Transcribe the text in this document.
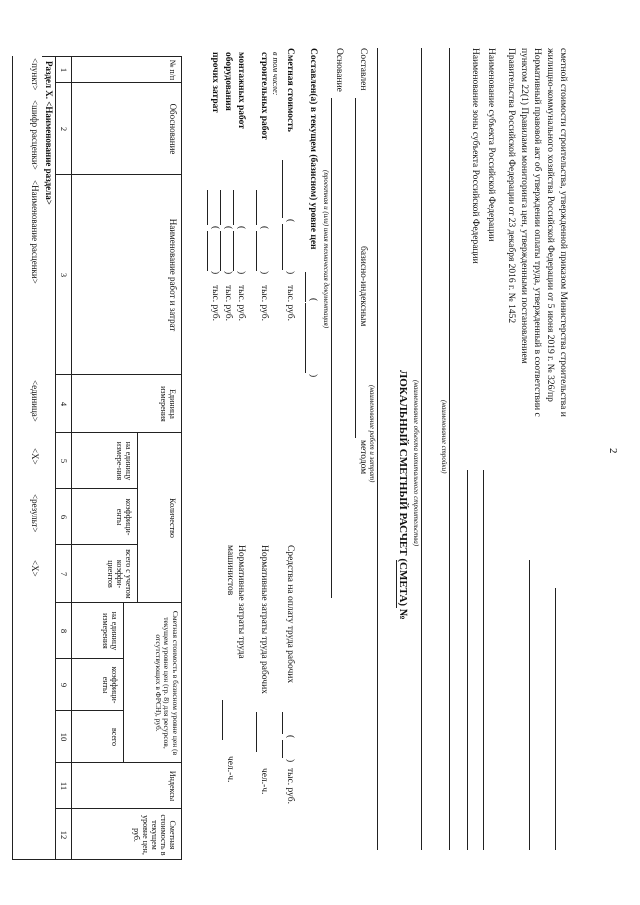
2
сметной стоимости строительства, утвержденной приказом Министерства строительства и
жилищно-коммунального хозяйства Российской Федерации от 5 июня 2019 г. № 326/пр
Нормативный правовой акт об утверждении оплаты труда, утвержденный в соответствии с
пунктом 22(1) Правилами мониторинга цен, утвержденными постановлением
Правительства Российской Федерации от 23 декабря 2016 г. № 1452
Наименование субъекта Российской Федерации
Наименование зоны субъекта Российской Федерации
(наименование стройки)
(наименование объекта капитального строительства)
ЛОКАЛЬНЫЙ СМЕТНЫЙ РАСЧЕТ (СМЕТА) №
(наименование работ и затрат)
Составлен
базисно-индексным
методом
Основание
(проектная и (или) иная техническая документация)
Составлен(а) в текущем (базисном) уровне цен
(
)
Сметная стоимость
(
)
тыс. руб.
в том числе:
строительных работ
(
)
тыс. руб.
монтажных работ
(
)
тыс. руб.
оборудования
(
)
тыс. руб.
прочих затрат
(
)
тыс. руб.
Средства на оплату труда рабочих
(
)
тыс. руб.
Нормативные затраты труда рабочих
чел.-ч.
Нормативные затраты труда
машинистов
чел.-ч.
№ п/п
Обоснование
Наименование работ и затрат
Единица измерения
Количество
на единицу измере-ния
коэффици-енты
всего с учетом коэффи-циентов
Сметная стоимость в базисном уровне цен (в текущем уровне цен (гр. 8) для ресурсов, отсутствующих в ФРСН), руб.
на единицу измерения
коэффици-енты
всего
Индексы
Сметная стоимость в текущем уровне цен, руб.
1
2
3
4
5
6
7
8
9
10
11
12
Раздел X. <Наименование раздела>
<пункт>
<шифр расценки>
<Наименование расценки>
<единица>
<X>
<результ>
<X>
